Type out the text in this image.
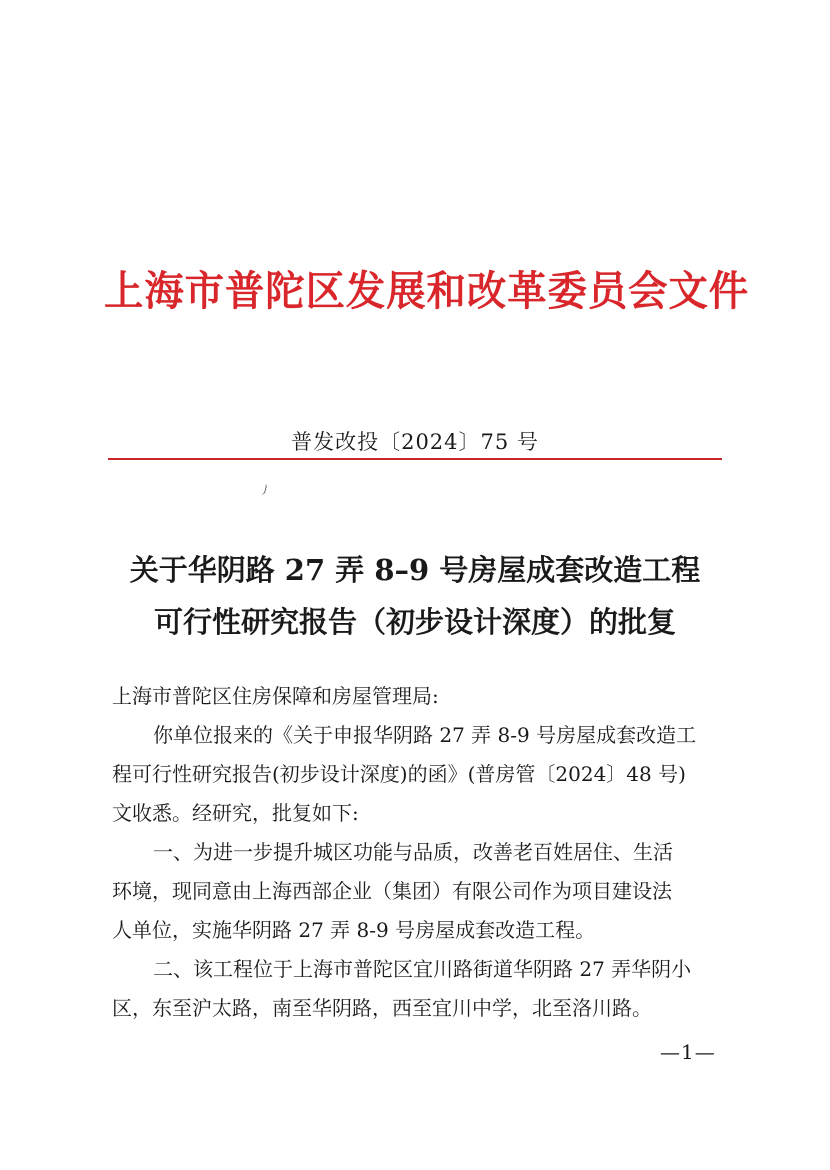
上海市普陀区发展和改革委员会文件
普发改投〔2024〕75 号
关于华阴路 27 弄 8–9 号房屋成套改造工程
可行性研究报告（初步设计深度）的批复

上海市普陀区住房保障和房屋管理局:

你单位报来的《关于申报华阴路 27 弄 8-9 号房屋成套改造工

程可行性研究报告(初步设计深度)的函》(普房管〔2024〕48 号)

文收悉。经研究，批复如下:

一、为进一步提升城区功能与品质，改善老百姓居住、生活

环境，现同意由上海西部企业（集团）有限公司作为项目建设法

人单位，实施华阴路 27 弄 8-9 号房屋成套改造工程。

二、该工程位于上海市普陀区宜川路街道华阴路 27 弄华阴小

区，东至沪太路，南至华阴路，西至宜川中学，北至洛川路。

—1—
